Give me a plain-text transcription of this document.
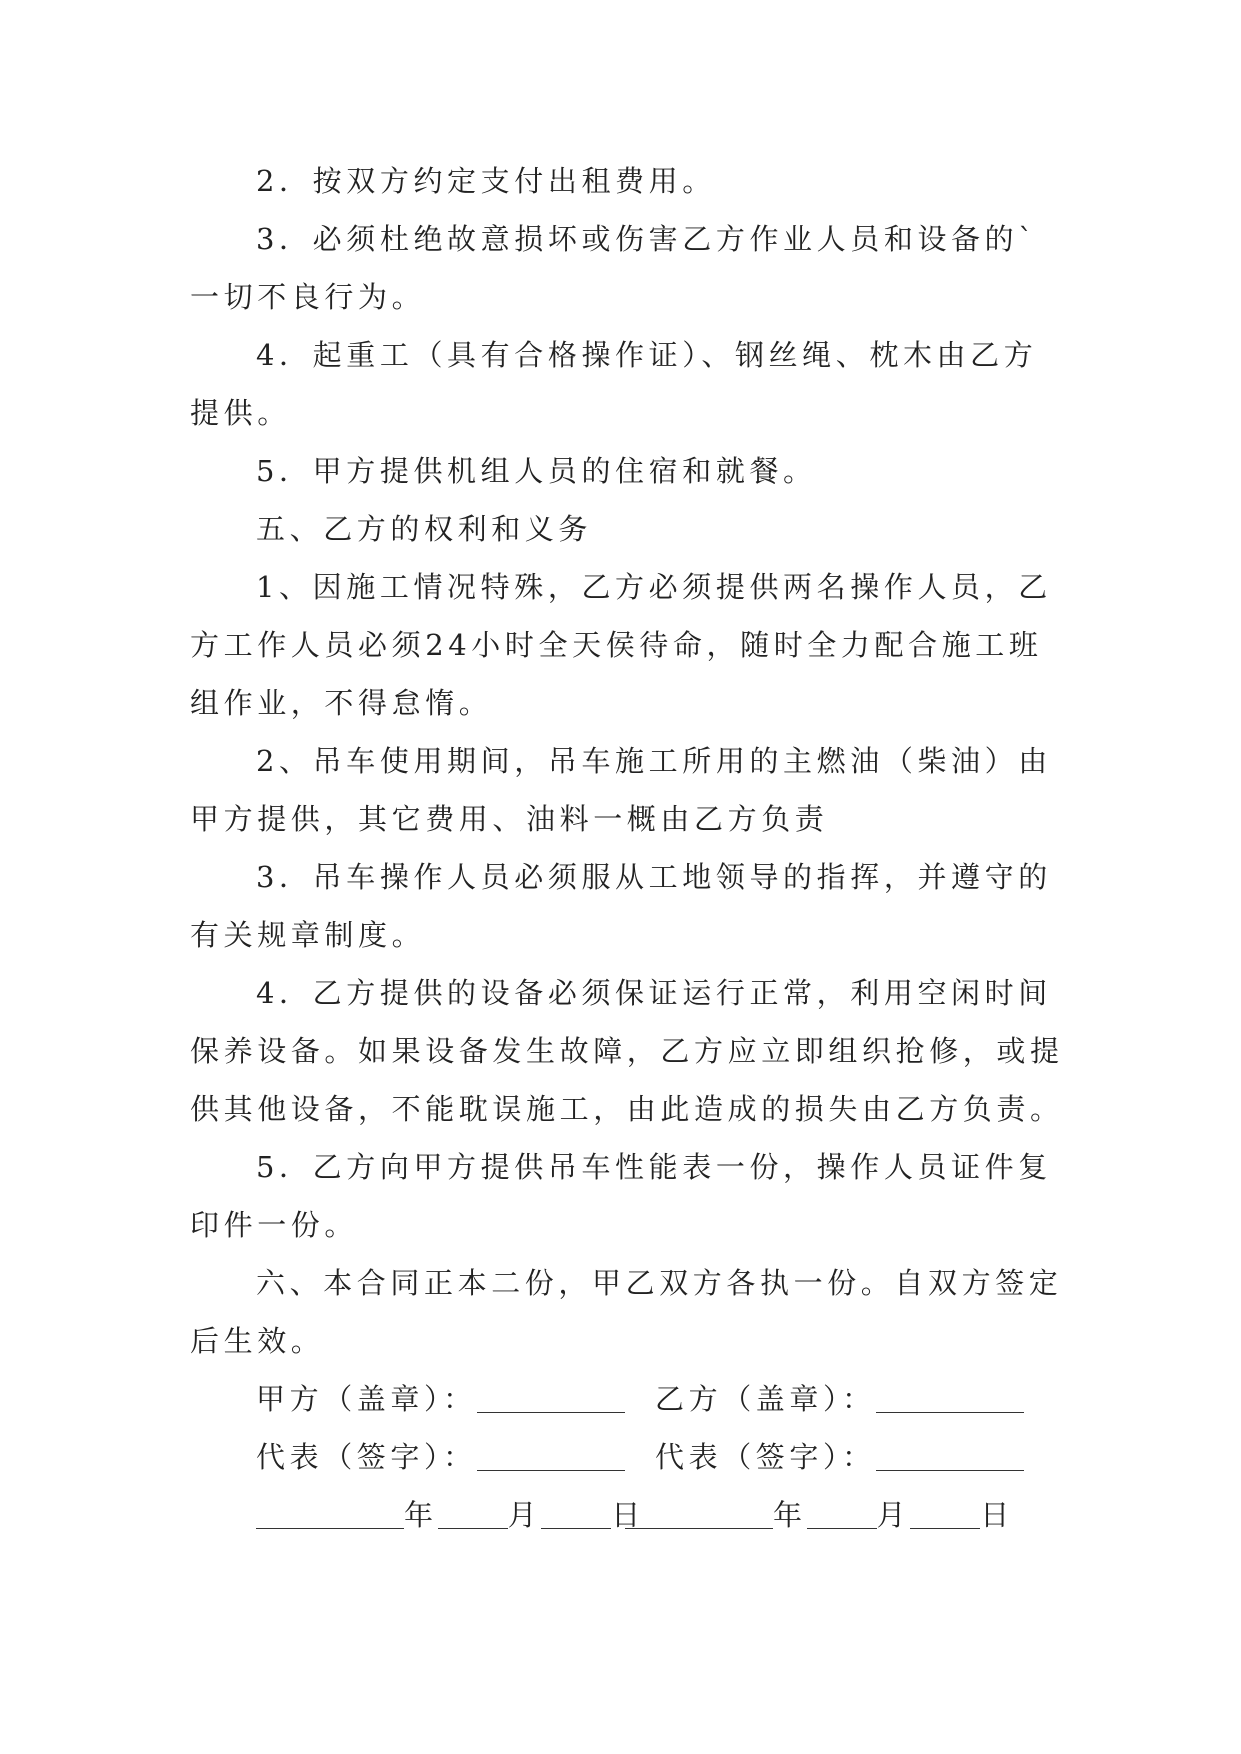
2．按双方约定支付出租费用。

3．必须杜绝故意损坏或伤害乙方作业人员和设备的`一切不良行为。

4．起重工（具有合格操作证）、钢丝绳、枕木由乙方提供。

5．甲方提供机组人员的住宿和就餐。

五、乙方的权利和义务

1、因施工情况特殊，乙方必须提供两名操作人员，乙方工作人员必须24小时全天侯待命，随时全力配合施工班组作业，不得怠惰。

2、吊车使用期间，吊车施工所用的主燃油（柴油）由甲方提供，其它费用、油料一概由乙方负责

3．吊车操作人员必须服从工地领导的指挥，并遵守的有关规章制度。

4．乙方提供的设备必须保证运行正常，利用空闲时间保养设备。如果设备发生故障，乙方应立即组织抢修，或提供其他设备，不能耽误施工，由此造成的损失由乙方负责。

5．乙方向甲方提供吊车性能表一份，操作人员证件复印件一份。

六、本合同正本二份，甲乙双方各执一份。自双方签定后生效。

甲方（盖章）：	乙方（盖章）：
代表（签字）：	代表（签字）：
年 月 日	年 月 日
